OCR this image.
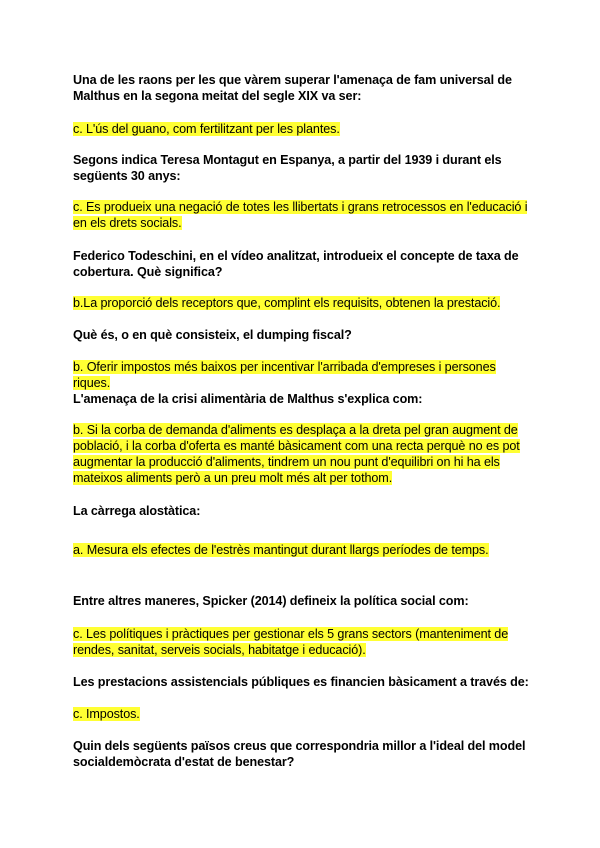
Una de les raons per les que vàrem superar l'amenaça de fam universal de Malthus en la segona meitat del segle XIX va ser:
c. L'ús del guano, com fertilitzant per les plantes.
Segons indica Teresa Montagut en Espanya, a partir del 1939 i durant els següents 30 anys:
c. Es produeix una negació de totes les llibertats i grans retrocessos en l'educació i en els drets socials.
Federico Todeschini, en el vídeo analitzat, introdueix el concepte de taxa de cobertura. Què significa?
b.La proporció dels receptors que, complint els requisits, obtenen la prestació.
Què és, o en què consisteix, el dumping fiscal?
b. Oferir impostos més baixos per incentivar l'arribada d'empreses i persones riques.
L'amenaça de la crisi alimentària de Malthus s'explica com:
b. Si la corba de demanda d'aliments es desplaça a la dreta pel gran augment de població, i la corba d'oferta es manté bàsicament com una recta perquè no es pot augmentar la producció d'aliments, tindrem un nou punt d'equilibri on hi ha els mateixos aliments però a un preu molt més alt per tothom.
La càrrega alostàtica:
a. Mesura els efectes de l'estrès mantingut durant llargs períodes de temps.
Entre altres maneres, Spicker (2014) defineix la política social com:
c. Les polítiques i pràctiques per gestionar els 5 grans sectors (manteniment de rendes, sanitat, serveis socials, habitatge i educació).
Les prestacions assistencials públiques es financien bàsicament a través de:
c. Impostos.
Quin dels següents països creus que correspondria millor a l'ideal del model socialdemòcrata d'estat de benestar?
